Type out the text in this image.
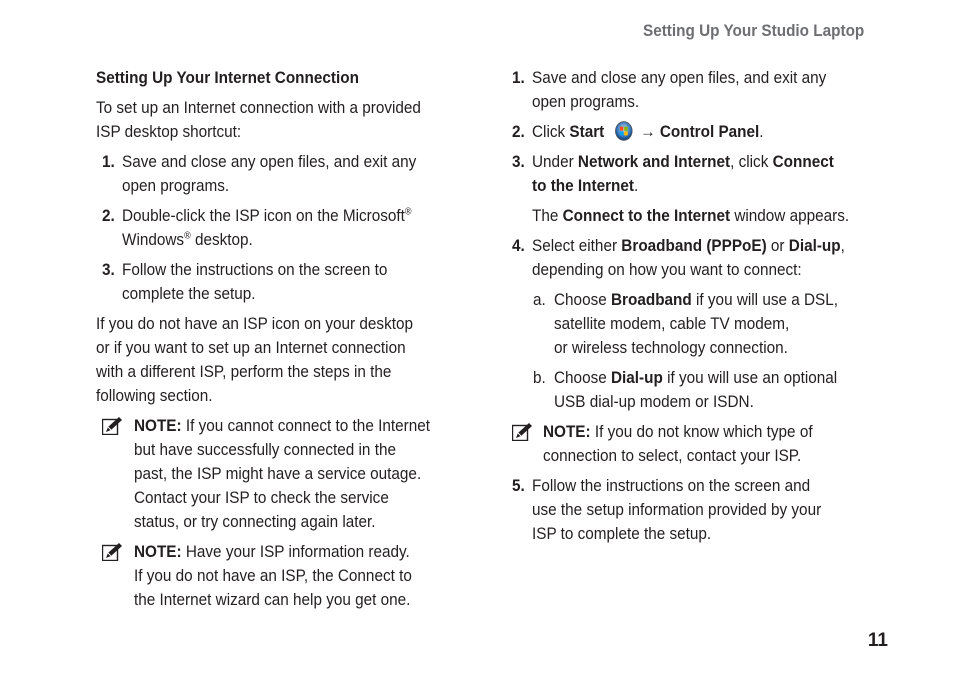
Setting Up Your Studio Laptop

Setting Up Your Internet Connection

To set up an Internet connection with a provided
ISP desktop shortcut:

1. Save and close any open files, and exit any
open programs.
2. Double-click the ISP icon on the Microsoft®
Windows® desktop.
3. Follow the instructions on the screen to
complete the setup.

If you do not have an ISP icon on your desktop
or if you want to set up an Internet connection
with a different ISP, perform the steps in the
following section.

NOTE: If you cannot connect to the Internet
but have successfully connected in the
past, the ISP might have a service outage.
Contact your ISP to check the service
status, or try connecting again later.
NOTE: Have your ISP information ready.
If you do not have an ISP, the Connect to
the Internet wizard can help you get one.
1. Save and close any open files, and exit any
open programs.
2. Click Start → Control Panel.
3. Under Network and Internet, click Connect
to the Internet.

The Connect to the Internet window appears.

4. Select either Broadband (PPPoE) or Dial-up,
depending on how you want to connect:
a. Choose Broadband if you will use a DSL,
satellite modem, cable TV modem,
or wireless technology connection.
b. Choose Dial-up if you will use an optional
USB dial-up modem or ISDN.
NOTE: If you do not know which type of
connection to select, contact your ISP.
5. Follow the instructions on the screen and
use the setup information provided by your
ISP to complete the setup.
11
